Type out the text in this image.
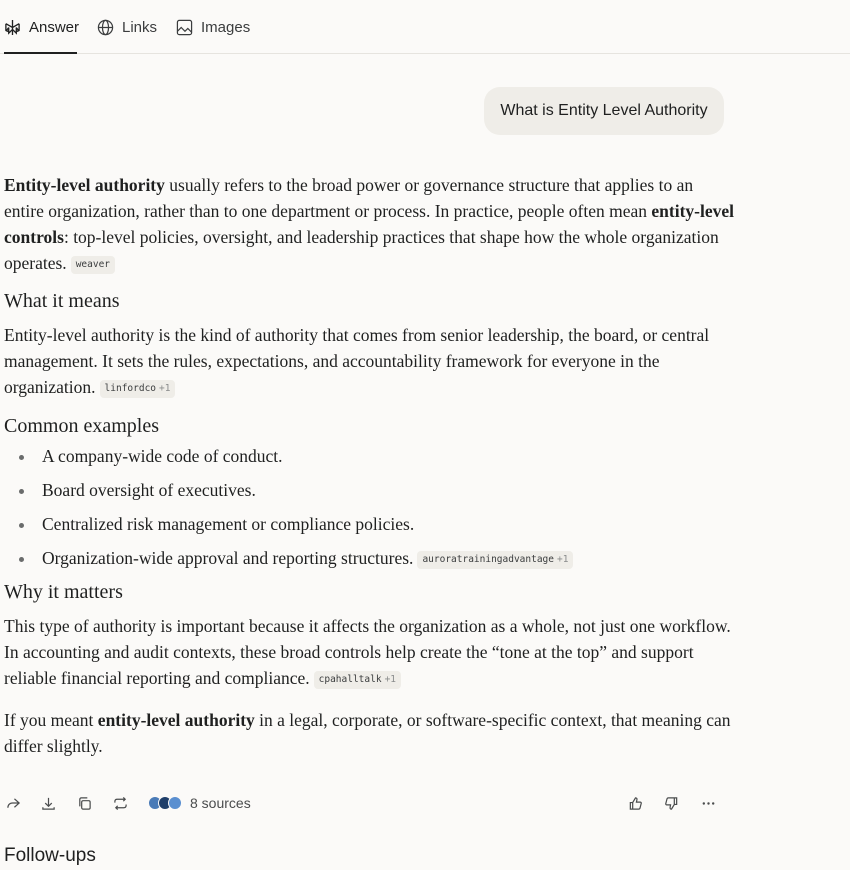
Answer	Links	Images
What is Entity Level Authority

Entity-level authority usually refers to the broad power or governance structure that applies to an entire organization, rather than to one department or process. In practice, people often mean entity-level controls: top-level policies, oversight, and leadership practices that shape how the whole organization operates. weaver

What it means

Entity-level authority is the kind of authority that comes from senior leadership, the board, or central management. It sets the rules, expectations, and accountability framework for everyone in the organization. linfordco +1

Common examples
A company-wide code of conduct.
Board oversight of executives.
Centralized risk management or compliance policies.
Organization-wide approval and reporting structures. auroratrainingadvantage +1
Why it matters

This type of authority is important because it affects the organization as a whole, not just one workflow. In accounting and audit contexts, these broad controls help create the “tone at the top” and support reliable financial reporting and compliance. cpahalltalk +1

If you meant entity-level authority in a legal, corporate, or software-specific context, that meaning can differ slightly.

8 sources
Follow-ups
